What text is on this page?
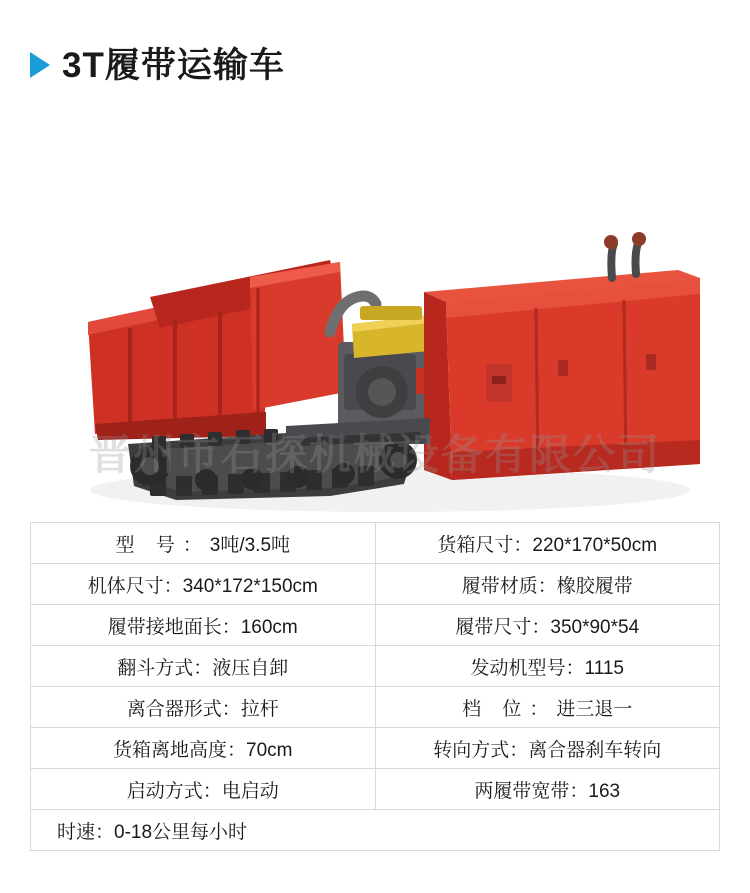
3T履带运输车
晋州市石探机械设备有限公司
型 号：3吨/3.5吨	货箱尺寸：220*170*50cm
机体尺寸：340*172*150cm	履带材质：橡胶履带
履带接地面长：160cm	履带尺寸：350*90*54
翻斗方式：液压自卸	发动机型号：1115
离合器形式：拉杆	档 位：进三退一
货箱离地高度：70cm	转向方式：离合器刹车转向
启动方式：电启动	两履带宽带：163
时速：0-18公里每小时	
